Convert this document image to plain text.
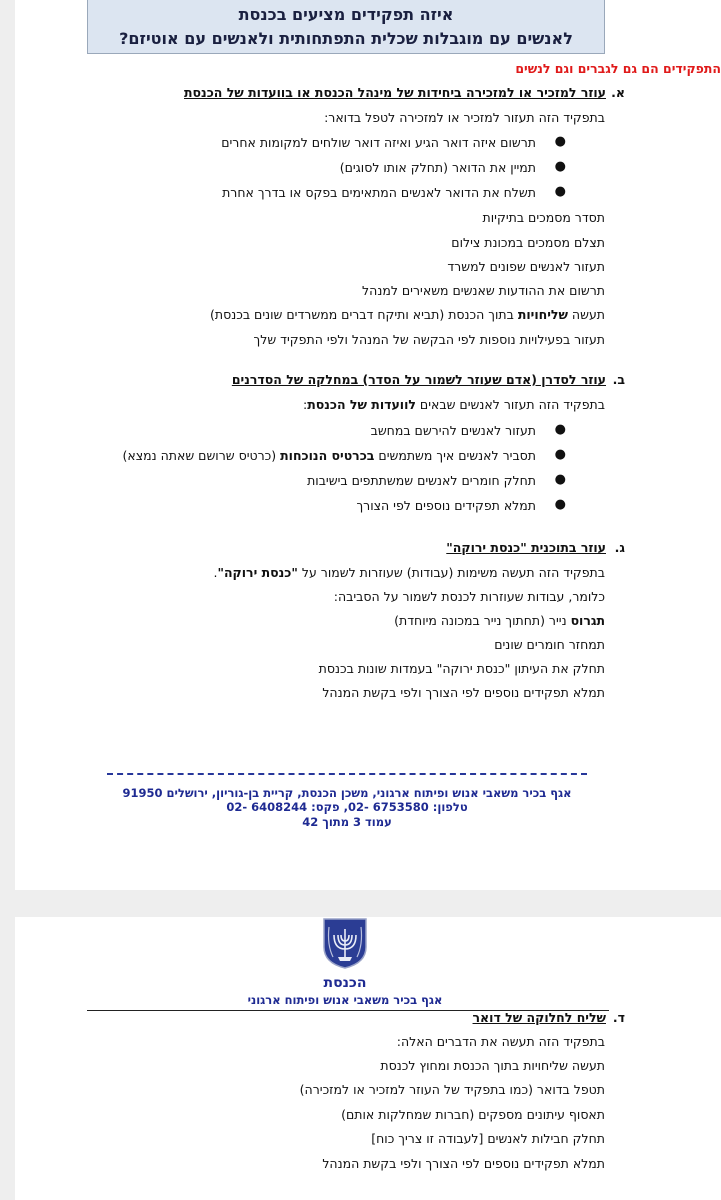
איזה תפקידים מציעים בכנסת
לאנשים עם מוגבלות שכלית התפתחותית ולאנשים עם אוטיזם?
התפקידים הם גם לגברים וגם לנשים
א.
עוזר למזכיר או למזכירה ביחידות של מינהל הכנסת או בוועדות של הכנסת
בתפקיד הזה תעזור למזכיר או למזכירה לטפל בדואר:
●
תרשום איזה דואר הגיע ואיזה דואר שולחים למקומות אחרים
●
תמיין את הדואר (תחלק אותו לסוגים)
●
תשלח את הדואר לאנשים המתאימים בפקס או בדרך אחרת
תסדר מסמכים בתיקיות
תצלם מסמכים במכונת צילום
תעזור לאנשים שפונים למשרד
תרשום את ההודעות שאנשים משאירים למנהל
תעשה שליחויות בתוך הכנסת (תביא ותיקח דברים ממשרדים שונים בכנסת)
תעזור בפעילויות נוספות לפי הבקשה של המנהל ולפי התפקיד שלך
ב.
עוזר לסדרן (אדם שעוזר לשמור על הסדר) במחלקה של הסדרנים
בתפקיד הזה תעזור לאנשים שבאים לוועדות של הכנסת:
●
תעזור לאנשים להירשם במחשב
●
תסביר לאנשים איך משתמשים בכרטיס הנוכחות (כרטיס שרושם שאתה נמצא)
●
תחלק חומרים לאנשים שמשתתפים בישיבות
●
תמלא תפקידים נוספים לפי הצורך
ג.
עוזר בתוכנית "כנסת ירוקה"
בתפקיד הזה תעשה משימות (עבודות) שעוזרות לשמור על "כנסת ירוקה".
כלומר, עבודות שעוזרות לכנסת לשמור על הסביבה:
תגרוס נייר (תחתוך נייר במכונה מיוחדת)
תמחזר חומרים שונים
תחלק את העיתון "כנסת ירוקה" בעמדות שונות בכנסת
תמלא תפקידים נוספים לפי הצורך ולפי בקשת המנהל
אגף בכיר משאבי אנוש ופיתוח ארגוני, משכן הכנסת, קריית בן-גוריון, ירושלים 91950
טלפון: 6753580 -02, פקס: 6408244 -02
עמוד 3 מתוך 42
הכנסת
אגף בכיר משאבי אנוש ופיתוח ארגוני
ד.
שליח לחלוקה של דואר
בתפקיד הזה תעשה את הדברים האלה:
תעשה שליחויות בתוך הכנסת ומחוץ לכנסת
תטפל בדואר (כמו בתפקיד של העוזר למזכיר או למזכירה)
תאסוף עיתונים מספקים (חברות שמחלקות אותם)
תחלק חבילות לאנשים [לעבודה זו צריך כוח]
תמלא תפקידים נוספים לפי הצורך ולפי בקשת המנהל
